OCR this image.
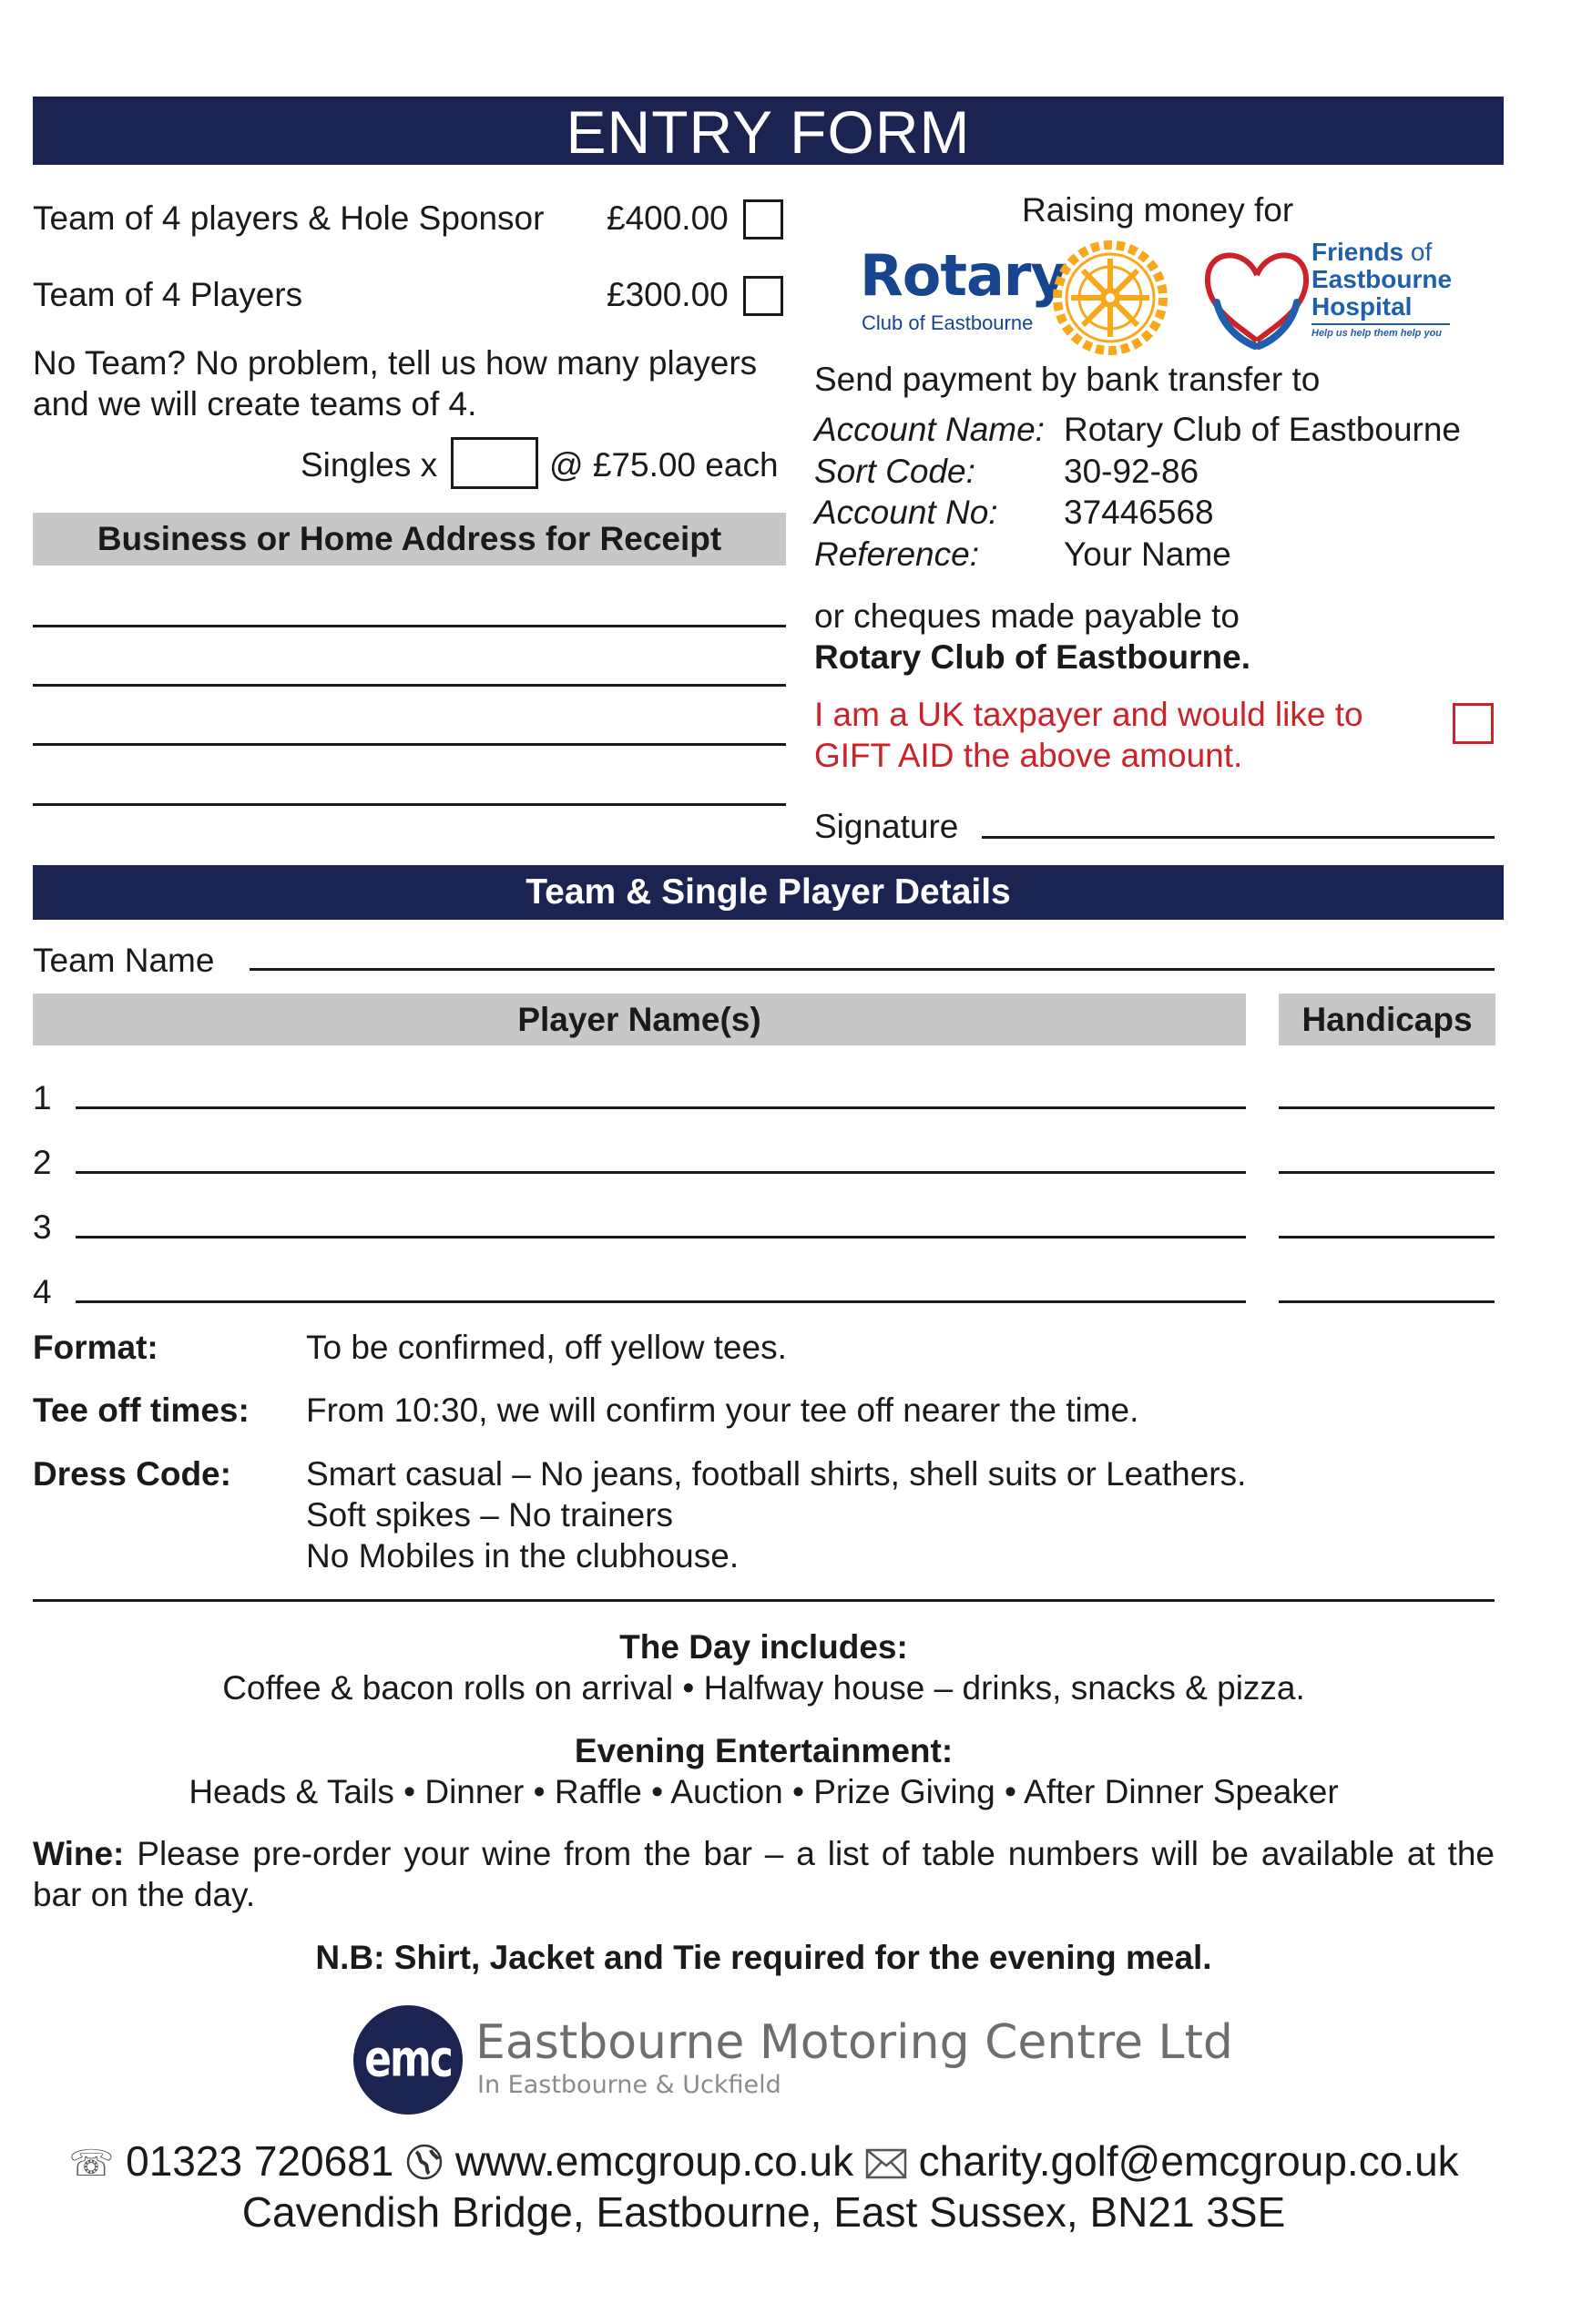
ENTRY FORM
Team of 4 players & Hole Sponsor £400.00
Team of 4 Players	£300.00
No Team? No problem, tell us how many players
and we will create teams of 4.
Singles x	@ £75.00 each
Business or Home Address for Receipt
Raising money for
Rotary
Club of Eastbourne
Friends of
Eastbourne
Hospital
Help us help them help you
Send payment by bank transfer to
Account Name: Rotary Club of Eastbourne
Sort Code:	30-92-86
Account No: 37446568
Reference:	Your Name
or cheques made payable to
Rotary Club of Eastbourne.
I am a UK taxpayer and would like to
GIFT AID the above amount.
Signature
Team & Single Player Details
Team Name
Player Name(s)	Handicaps
1
2
3
4
Format:	To be confirmed, off yellow tees.
Tee off times: From 10:30, we will confirm your tee off nearer the time.
Dress Code: Smart casual – No jeans, football shirts, shell suits or Leathers.
Soft spikes – No trainers
No Mobiles in the clubhouse.
The Day includes:
Coffee & bacon rolls on arrival • Halfway house – drinks, snacks & pizza.
Evening Entertainment:
Heads & Tails • Dinner • Raffle • Auction • Prize Giving • After Dinner Speaker
Wine: Please pre-order your wine from the bar – a list of table numbers will be available at the
bar on the day.
N.B: Shirt, Jacket and Tie required for the evening meal.
emc Eastbourne Motoring Centre Ltd
In Eastbourne & Uckfield
☏ 01323 720681 www.emcgroup.co.uk charity.golf@emcgroup.co.uk
Cavendish Bridge, Eastbourne, East Sussex, BN21 3SE
